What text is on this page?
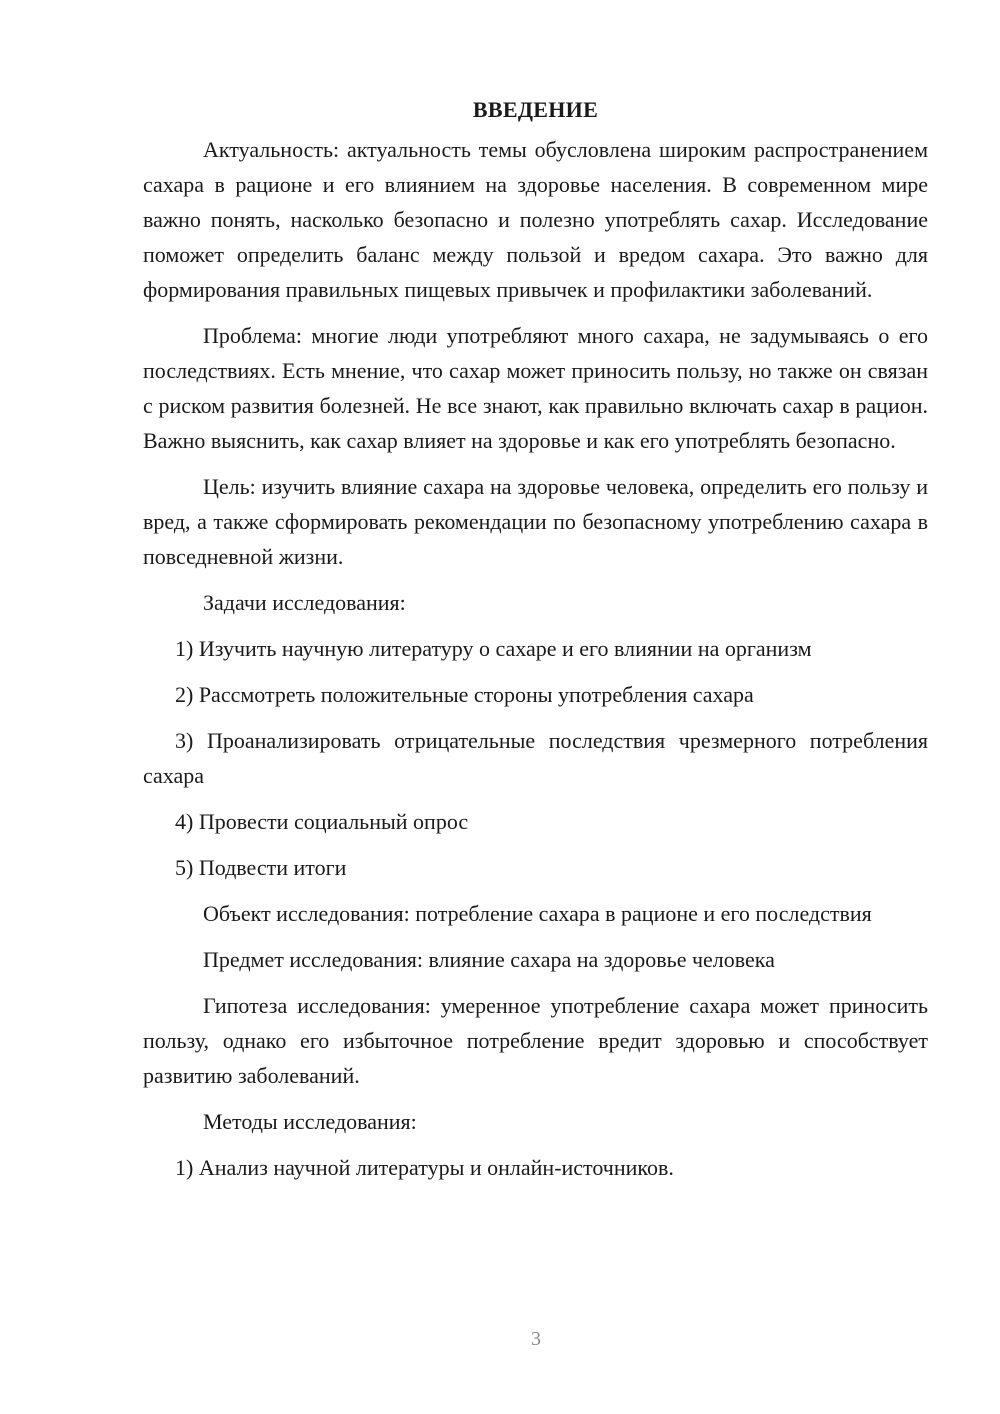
ВВЕДЕНИЕ

Актуальность: актуальность темы обусловлена широким распространением сахара в рационе и его влиянием на здоровье населения. В современном мире важно понять, насколько безопасно и полезно употреблять сахар. Исследование поможет определить баланс между пользой и вредом сахара. Это важно для формирования правильных пищевых привычек и профилактики заболеваний.

Проблема: многие люди употребляют много сахара, не задумываясь о его последствиях. Есть мнение, что сахар может приносить пользу, но также он связан с риском развития болезней. Не все знают, как правильно включать сахар в рацион. Важно выяснить, как сахар влияет на здоровье и как его употреблять безопасно.

Цель: изучить влияние сахара на здоровье человека, определить его пользу и вред, а также сформировать рекомендации по безопасному употреблению сахара в повседневной жизни.

Задачи исследования:

1) Изучить научную литературу о сахаре и его влиянии на организм

2) Рассмотреть положительные стороны употребления сахара

3) Проанализировать отрицательные последствия чрезмерного потребления сахара

4) Провести социальный опрос

5) Подвести итоги

Объект исследования: потребление сахара в рационе и его последствия

Предмет исследования: влияние сахара на здоровье человека

Гипотеза исследования: умеренное употребление сахара может приносить пользу, однако его избыточное потребление вредит здоровью и способствует развитию заболеваний.

Методы исследования:

1) Анализ научной литературы и онлайн-источников.

3
